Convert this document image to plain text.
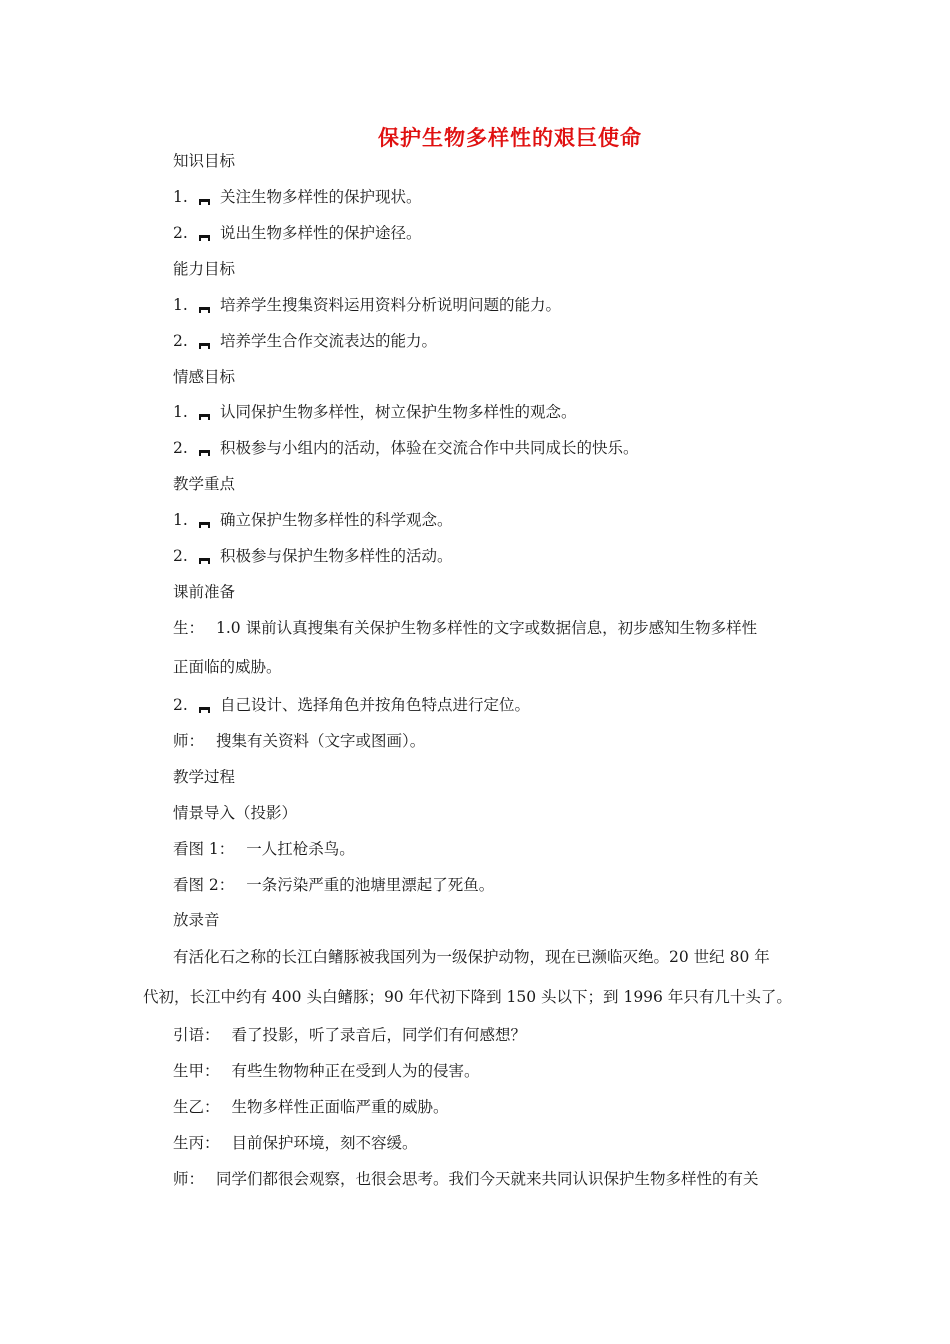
保护生物多样性的艰巨使命
知识目标
1. 关注生物多样性的保护现状。
2. 说出生物多样性的保护途径。
能力目标
1. 培养学生搜集资料运用资料分析说明问题的能力。
2. 培养学生合作交流表达的能力。
情感目标
1. 认同保护生物多样性，树立保护生物多样性的观念。
2. 积极参与小组内的活动，体验在交流合作中共同成长的快乐。
教学重点
1. 确立保护生物多样性的科学观念。
2. 积极参与保护生物多样性的活动。
课前准备
生： 1.0 课前认真搜集有关保护生物多样性的文字或数据信息，初步感知生物多样性
正面临的威胁。
2. 自己设计、选择角色并按角色特点进行定位。
师： 搜集有关资料（文字或图画）。
教学过程
情景导入（投影）
看图 1： 一人扛枪杀鸟。
看图 2： 一条污染严重的池塘里漂起了死鱼。
放录音
有活化石之称的长江白鳍豚被我国列为一级保护动物，现在已濒临灭绝。20 世纪 80 年
代初，长江中约有 400 头白鳍豚；90 年代初下降到 150 头以下；到 1996 年只有几十头了。
引语： 看了投影，听了录音后，同学们有何感想？
生甲： 有些生物物种正在受到人为的侵害。
生乙： 生物多样性正面临严重的威胁。
生丙： 目前保护环境，刻不容缓。
师： 同学们都很会观察，也很会思考。我们今天就来共同认识保护生物多样性的有关
